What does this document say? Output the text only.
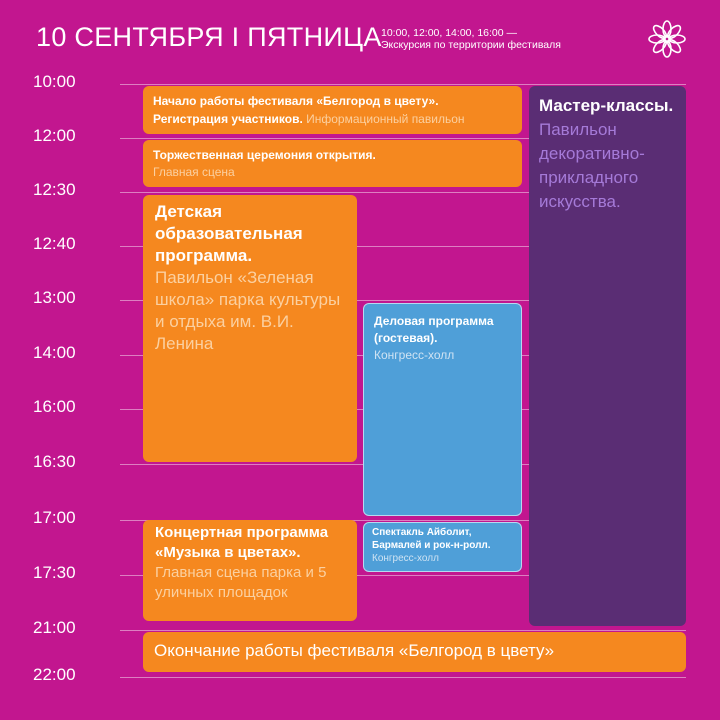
10 СЕНТЯБРЯ I ПЯТНИЦА 10:00, 12:00, 14:00, 16:00 —
Экскурсия по территории фестиваля
10:00
12:00
12:30
12:40
13:00
14:00
16:00
16:30
17:00
17:30
21:00
22:00
Начало работы фестиваля «Белгород в цвету».
Регистрация участников. Информационный павильон
Торжественная церемония открытия.
Главная сцена
Детская образовательная программа.
Павильон «Зеленая школа» парка культуры и отдыха им. В.И. Ленина
Деловая программа (гостевая).
Конгресс-холл
Мастер-классы.
Павильон декоративно-прикладного искусства.
Концертная программа «Музыка в цветах».
Главная сцена парка и 5 уличных площадок
Спектакль Айболит, Бармалей и рок-н-ролл.
Конгресс-холл
Окончание работы фестиваля «Белгород в цвету»
